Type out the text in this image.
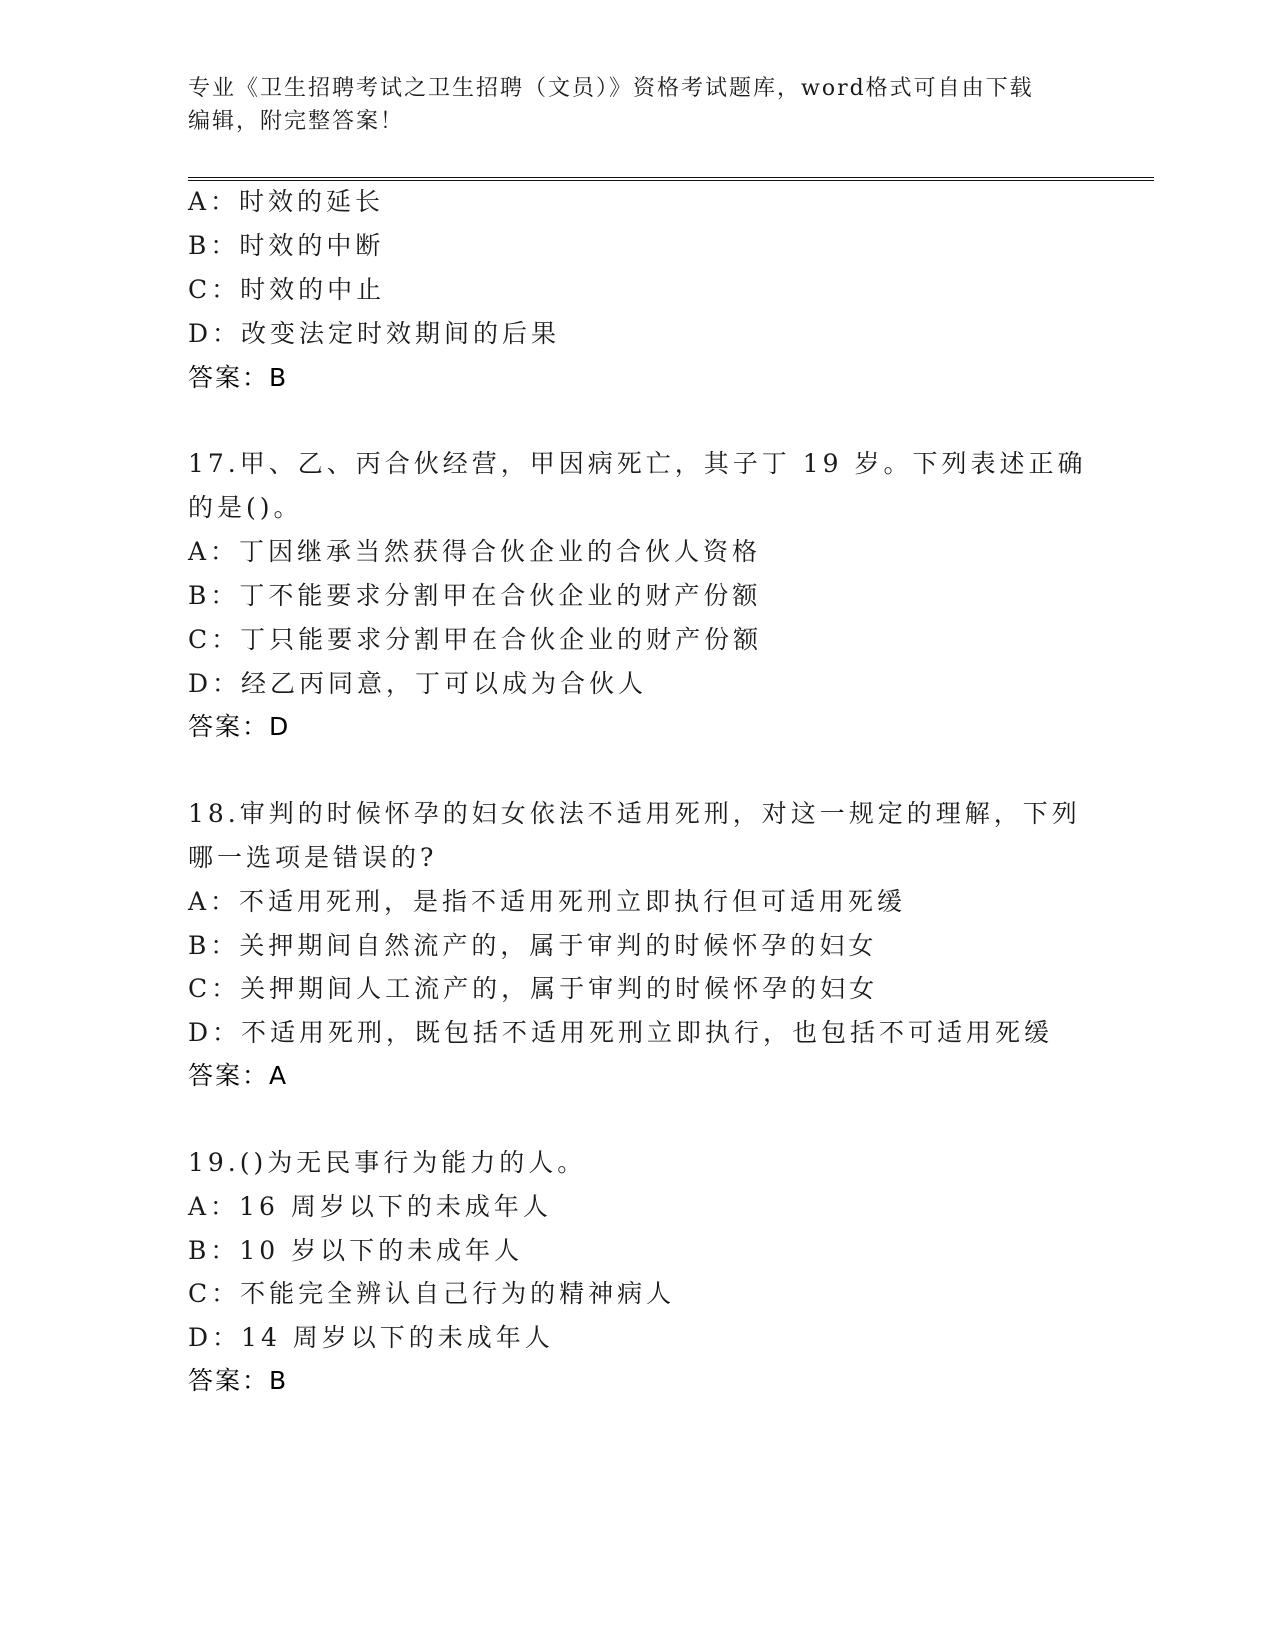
专业《卫生招聘考试之卫生招聘（文员）》资格考试题库，word格式可自由下载
编辑，附完整答案！
A：时效的延长
B：时效的中断
C：时效的中止
D：改变法定时效期间的后果
答案：B
17.甲、乙、丙合伙经营，甲因病死亡，其子丁 19 岁。下列表述正确
的是()。
A：丁因继承当然获得合伙企业的合伙人资格
B：丁不能要求分割甲在合伙企业的财产份额
C：丁只能要求分割甲在合伙企业的财产份额
D：经乙丙同意，丁可以成为合伙人
答案：D
18.审判的时候怀孕的妇女依法不适用死刑，对这一规定的理解，下列
哪一选项是错误的?
A：不适用死刑，是指不适用死刑立即执行但可适用死缓
B：关押期间自然流产的，属于审判的时候怀孕的妇女
C：关押期间人工流产的，属于审判的时候怀孕的妇女
D：不适用死刑，既包括不适用死刑立即执行，也包括不可适用死缓
答案：A
19.()为无民事行为能力的人。
A：16 周岁以下的未成年人
B：10 岁以下的未成年人
C：不能完全辨认自己行为的精神病人
D：14 周岁以下的未成年人
答案：B
